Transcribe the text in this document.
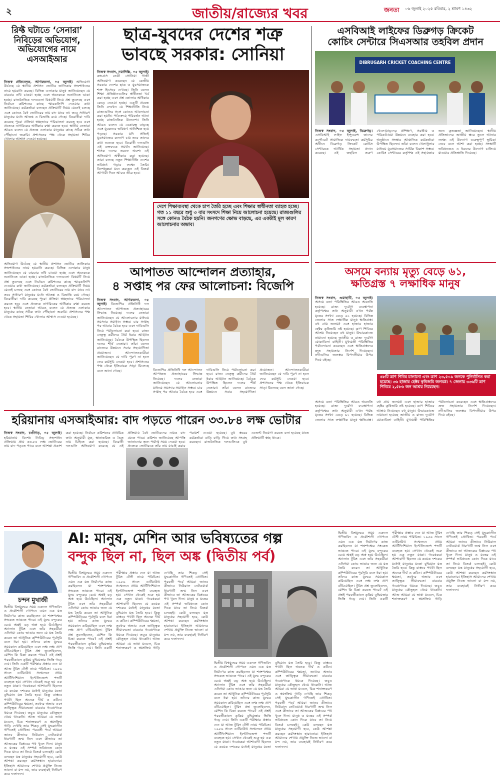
২	জাতীয়/রাজ্যের খবর	জনতা ০৬ জুলাই ২০২৫ রবিবার, ২ শ্রাবণ ১৪৩২
রিফ্ট ঘটাতে ‘সেনারা’ নিবিড়ের অভিযোগ, অভিযোগের নামে এসআইআর
নিজস্ব প্রতিবেদক, আগরতলা, ০৫ জুলাই। অভিযোগ উঠেছে যে স্থানীয় প্রশাসন ভোটার তালিকার সংশোধনের নামে হয়রানি করছে। বিভিন্ন এলাকার মানুষ জানিয়েছেন যে বারবার নথি চাওয়া হচ্ছে এবং অনেককে শুনানিতে ডাকা হচ্ছে। রাজনৈতিক দলগুলো বিষয়টি নিয়ে প্রশ্ন তুলেছে এবং নির্বাচন কমিশনের কাছে স্মারকলিপি দেওয়ার কথা জানিয়েছে। কর্মকর্তারা বলছেন প্রক্রিয়াটি নিয়ম মেনেই চলছে এবং কোনও বৈধ ভোটারের নাম বাদ যাবে না। তবে সাধারণ মানুষের মধ্যে আতঙ্ক ও বিভ্রান্তি রয়ে গেছে। বিরোধীরা দাবি করেছে পুরো প্রক্রিয়া স্বচ্ছভাবে পরিচালনা করতে হবে এবং প্রত্যেক নাগরিকের অধিকার রক্ষা করতে হবে। স্থানীয় নেতারা আরও বলেন যে প্রত্যন্ত এলাকার মানুষের কাছে সঠিক তথ্য পৌঁছানো জরুরি। প্রশাসনের পক্ষ থেকে সহায়তা শিবির
অভিযোগ উঠেছে যে স্থানীয় প্রশাসন ভোটার তালিকার সংশোধনের নামে হয়রানি করছে। বিভিন্ন এলাকার মানুষ জানিয়েছেন যে বারবার নথি চাওয়া হচ্ছে এবং অনেককে শুনানিতে ডাকা হচ্ছে। রাজনৈতিক দলগুলো বিষয়টি নিয়ে প্রশ্ন তুলেছে এবং নির্বাচন কমিশনের কাছে স্মারকলিপি দেওয়ার কথা জানিয়েছে। কর্মকর্তারা বলছেন প্রক্রিয়াটি নিয়ম মেনেই চলছে এবং কোনও বৈধ ভোটারের নাম বাদ যাবে না। তবে সাধারণ মানুষের মধ্যে আতঙ্ক ও বিভ্রান্তি রয়ে গেছে। বিরোধীরা দাবি করেছে পুরো প্রক্রিয়া স্বচ্ছভাবে পরিচালনা করতে হবে এবং প্রত্যেক নাগরিকের অধিকার রক্ষা করতে হবে। স্থানীয় নেতারা আরও বলেন যে প্রত্যন্ত এলাকার মানুষের কাছে সঠিক তথ্য পৌঁছানো জরুরি। প্রশাসনের পক্ষ থেকে সহায়তা শিবির খোলার আশ্বাস দেওয়া হয়েছে।
ছাত্র-যুবদের দেশের শত্রু
ভাবছে সরকার: সোনিয়া
নিজস্ব সংবাদ, নয়াদিল্লি, ০৫ জুলাই। কংগ্রেস নেত্রী সোনিয়া গান্ধী অভিযোগ করেছেন যে কেন্দ্রীয় সরকার দেশের ছাত্র ও যুবসমাজকে শত্রু হিসেবে দেখছে। তিনি বলেন শিক্ষা প্রতিষ্ঠানগুলির স্বাধীনতা খর্ব করা হচ্ছে এবং প্রশ্ন তোলার অধিকার কেড়ে নেওয়া হচ্ছে। একটি প্রবন্ধে তিনি লেখেন যে শিক্ষানীতি নিয়ে রাজ্যগুলির সঙ্গে কোনও আলোচনা করা হয়নি। পাঠ্যক্রমে পরিবর্তন আনা হচ্ছে রাজনৈতিক উদ্দেশ্যে। তিনি আরও বলেন যে বেকারত্ব বাড়ছে এবং যুবকদের ভবিষ্যৎ অনিশ্চিত হয়ে পড়ছে। সরকার যদি সত্যিই যুবসমাজের কল্যাণ চায় তবে তাদের কথা শুনতে হবে। বিরোধী দলগুলি এই বক্তব্যকে সমর্থন জানিয়েছে। শাসক দলের তরফে অবশ্য এই অভিযোগ অস্বীকার করা হয়েছে। তারা বলছে নতুন শিক্ষানীতি দেশের ভবিষ্যৎ গড়ার লক্ষ্যে তৈরি। বিশেষজ্ঞরা মনে করছেন এই বিতর্ক আগামী দিনে আরও তীব্র হবে।
দেশে শিক্ষাব্যবস্থা থেকে চাপ তৈরি হচ্ছে এবং শিক্ষার স্বাধীনতা ব্যাহত হচ্ছে। গত ১১ বছরে শুধু ৩ বার সংসদে শিক্ষা নিয়ে আলোচনা হয়েছে। রাজ্যগুলির সঙ্গে কোনও বৈঠক হয়নি। জনগণের ক্ষোভ বাড়ছে, এর একটাই মূল কারণ আলোচনার অভাব।
আপাতত আন্দোলন প্রত্যাহার,
৪ সপ্তাহ পর ফের আলোচনা: বিজেপি
নিজস্ব সংবাদ, আগরতলা, ০৫ জুলাই। বিজেপির প্রতিনিধি দল আন্দোলন আপাতত প্রত্যাহারের সিদ্ধান্ত নিয়েছে। দলের নেতারা জানিয়েছেন যে আলোচনার মাধ্যমে সমস্যার সমাধান সম্ভব। চার সপ্তাহ পর আবার বৈঠক হবে এবং দাবিগুলি নিয়ে পর্যালোচনা করা হবে। রাজ্য নেতৃত্ব কর্মীদের ধৈর্য ধরার আহ্বান জানিয়েছে। বৈঠকে উপস্থিত ছিলেন দলের শীর্ষ নেতারা। তাঁরা বলেন রাজ্যের উন্নয়নে সবার সহযোগিতা প্রয়োজন। আন্দোলনকারীরা জানিয়েছেন যে দাবি পূরণ না হলে ফের কর্মসূচি নেওয়া হবে। প্রশাসনের পক্ষ থেকে ইতিবাচক সাড়া মিলেছে বলে জানা গেছে।	বিজেপির প্রতিনিধি দল আন্দোলন আপাতত প্রত্যাহারের সিদ্ধান্ত নিয়েছে। দলের নেতারা জানিয়েছেন যে আলোচনার মাধ্যমে সমস্যার সমাধান সম্ভব। চার সপ্তাহ পর আবার বৈঠক হবে এবং দাবিগুলি নিয়ে পর্যালোচনা করা হবে। রাজ্য নেতৃত্ব কর্মীদের ধৈর্য ধরার আহ্বান জানিয়েছে। বৈঠকে উপস্থিত ছিলেন দলের শীর্ষ নেতারা। তাঁরা বলেন রাজ্যের উন্নয়নে সবার সহযোগিতা প্রয়োজন। আন্দোলনকারীরা জানিয়েছেন যে দাবি পূরণ না হলে ফের কর্মসূচি নেওয়া হবে। প্রশাসনের পক্ষ থেকে ইতিবাচক সাড়া মিলেছে বলে জানা গেছে।
হরিয়ানায় এসআইআর: বাদ পড়তে পারেন ৩৩.৮৪ লক্ষ ভোটার
নিজস্ব সংবাদ, চণ্ডীগড়, ০৫ জুলাই। হরিয়ানায় বিশেষ নিবিড় সংশোধন প্রক্রিয়ায় প্রায় ৩৩.৮৪ লক্ষ ভোটারের নাম বাদ পড়তে পারে বলে আশঙ্কা প্রকাশ করা হয়েছে। নির্বাচন কমিশনের প্রাথমিক তথ্য অনুযায়ী মৃত, স্থানান্তরিত ও দ্বৈত নাম চিহ্নিত করা হয়েছে। বিরোধী দলগুলি অভিযোগ করেছে যে এই প্রক্রিয়ায় বৈধ ভোটারদের নামও বাদ যেতে পারে। কমিশন জানিয়েছে আপত্তি জানানোর জন্য পর্যাপ্ত সময় দেওয়া হবে। প্রত্যেক ভোটারকে তাঁর নাম যাচাই করার পরামর্শ দেওয়া হয়েছে। বুথ স্তরের কর্মকর্তারা বাড়ি বাড়ি গিয়ে তথ্য সংগ্রহ করছেন। রাজনৈতিক দলগুলিকে বুথ এজেন্ট নিয়োগ করতে বলা হয়েছে যাতে প্রক্রিয়াটি স্বচ্ছ থাকে।
এসবিআই লাইফের ডিব্রুগড় ক্রিকেট
কোচিং সেন্টারে সিএসআর তহবিল প্রদান
DIBRUGARH CRICKET COACHING CENTRE
নিজস্ব সংবাদ, ০৫ জুলাই, ডিব্রুগড়। এসবিআই লাইফ ইন্স্যুরেন্স তাদের কর্পোরেট সামাজিক দায়বদ্ধতা কর্মসূচির অধীনে ডিব্রুগড় ক্রিকেট কোচিং সেন্টারকে আর্থিক সহায়তা প্রদান করেছে। এই তহবিল তরুণ খেলোয়াড়দের প্রশিক্ষণ, সরঞ্জাম ও পরিকাঠামো উন্নয়নে ব্যবহার করা হবে। অনুষ্ঠানে সংস্থার আঞ্চলিক কর্মকর্তারা উপস্থিত ছিলেন। তাঁরা বলেন খেলাধুলার মাধ্যমে যুবসমাজের সার্বিক বিকাশ সম্ভব। কোচিং সেন্টারের কর্তৃপক্ষ এই সহায়তার জন্য কৃতজ্ঞতা জানিয়েছেন। স্থানীয় প্রতিভাদের জাতীয় স্তরে তুলে আনার লক্ষ্যে এই উদ্যোগ গুরুত্বপূর্ণ ভূমিকা নেবে বলে আশা করা হচ্ছে। সংস্থাটি ভবিষ্যতেও এ ধরনের উদ্যোগ চালিয়ে যাওয়ার প্রতিশ্রুতি দিয়েছে।
অসমে বন্যায় মৃত্যু বেড়ে ৬১,
ক্ষতিগ্রস্ত ৭ লক্ষাধিক মানুষ
নিজস্ব সংবাদ, গুয়াহাটি, ০৫ জুলাই। অসমে বন্যা পরিস্থিতির আরও অবনতি হয়েছে। রাজ্য দুর্যোগ ব্যবস্থাপনা কর্তৃপক্ষের তথ্য অনুযায়ী এখন পর্যন্ত মৃতের সংখ্যা বেড়ে ৬১ হয়েছে। বিভিন্ন জেলার সাত লক্ষাধিক মানুষ ক্ষতিগ্রস্ত। বহু গ্রাম জলমগ্ন এবং হাজার হাজার হেক্টর কৃষিজমি নষ্ট হয়েছে। ত্রাণ শিবিরে আশ্রয় নিয়েছেন বহু মানুষ। উদ্ধারকাজে নামানো হয়েছে জাতীয় ও রাজ্য দুর্যোগ মোকাবিলা বাহিনী। মুখ্যমন্ত্রী পরিস্থিতির পর্যালোচনা করেছেন এবং ক্ষতিগ্রস্তদের দ্রুত সহায়তার নির্দেশ দিয়েছেন। নদীগুলির জলস্তর বিপদসীমার উপর দিয়ে বইছে।
৬৮টি ত্রাণ শিবির চালানো এবং ত্রাণ ২৩,৫০৯ জনকে পুনির্বাসিত করা হয়েছে। ৩৬ হাজার হেক্টর কৃষিজমি জলমগ্ন। ৭ জেলায় ৩৩৬টি ত্রাণ শিবিরে ২,৫৮৬ জন আশ্রয় নিয়েছেন।
অসমে বন্যা পরিস্থিতির আরও অবনতি হয়েছে। রাজ্য দুর্যোগ ব্যবস্থাপনা কর্তৃপক্ষের তথ্য অনুযায়ী এখন পর্যন্ত মৃতের সংখ্যা বেড়ে ৬১ হয়েছে। বিভিন্ন জেলার সাত লক্ষাধিক মানুষ ক্ষতিগ্রস্ত। বহু গ্রাম জলমগ্ন এবং হাজার হাজার হেক্টর কৃষিজমি নষ্ট হয়েছে। ত্রাণ শিবিরে আশ্রয় নিয়েছেন বহু মানুষ। উদ্ধারকাজে নামানো হয়েছে জাতীয় ও রাজ্য দুর্যোগ মোকাবিলা বাহিনী। মুখ্যমন্ত্রী পরিস্থিতির পর্যালোচনা করেছেন এবং ক্ষতিগ্রস্তদের দ্রুত সহায়তার নির্দেশ দিয়েছেন। নদীগুলির জলস্তর বিপদসীমার উপর দিয়ে বইছে।
চন্দন মুখার্জী
AI: মানুষ, মেশিন আর ভবিষ্যতের গল্প
বন্দুক ছিল না, ছিল অঙ্ক (দ্বিতীয় পর্ব)
দ্বিতীয় বিশ্বযুদ্ধের সময় একদল গণিতবিদ ও প্রকৌশলী গোপনে এমন এক যন্ত্র নির্মাণের কাজ করছিলেন যা শত্রুপক্ষের সংকেত ভাঙতে পারে। এই যুদ্ধে বন্দুকের চেয়ে অঙ্কই বড় অস্ত্র হয়ে উঠেছিল। অ্যালান টুরিং এবং তাঁর সহকর্মীরা এনিগমা কোড ভাঙার জন্য যে যন্ত্র তৈরি করেন তা আধুনিক কম্পিউটারের পূর্বসূরি বলে ধরা হয়। তাঁদের কাজ যুদ্ধের সময়কাল কমিয়েছিল এবং লক্ষ লক্ষ প্রাণ বাঁচিয়েছিল। টুরিং প্রশ্ন তুলেছিলেন, মেশিন কি চিন্তা করতে পারে? এই প্রশ্নই পরবর্তীকালে কৃত্রিম বুদ্ধিমত্তার ভিত্তি গড়ে দেয়। তিনি একটি পরীক্ষার প্রস্তাব দেন যা আজ টুরিং টেস্ট নামে পরিচিত। ১৯৫৬ সালে ডার্টমাউথ সম্মেলনে প্রথম আর্টিফিশিয়াল ইন্টেলিজেন্স শব্দটি ব্যবহৃত হয়। সেখান থেকেই শুরু হয় এক নতুন যাত্রা। গবেষকরা আশাবাদী ছিলেন যে কয়েক দশকের মধ্যেই মানুষের মতো বুদ্ধিমান যন্ত্র তৈরি হবে। কিন্তু বাস্তবে পথটা ছিল অনেক দীর্ঘ ও কঠিন। কম্পিউটারের ক্ষমতা, তথ্যের অভাব এবং তাত্ত্বিক সীমাবদ্ধতা বারবার গবেষণাকে থমকে দিয়েছে। তবুও মানুষের কৌতূহল থেমে থাকেনি। আজ আমরা যে ভাষা মডেল, চিত্র শনাক্তকরণ ও স্বয়ংক্রিয় গাড়ি দেখছি তার শিকড় সেই যুদ্ধকালীন গণিতেই প্রোথিত। পরবর্তী পর্বে আমরা জানব কীভাবে নিউরাল নেটওয়ার্ক ধারণাটি জন্ম নিল এবং কীভাবে তা আজকের বিপ্লবের পথ খুলে দিল। মানুষ ও যন্ত্রের এই সম্পর্ক ভবিষ্যতে কোন দিকে যাবে তা নিয়ে বিতর্ক চলছেই। কেউ বলছেন যন্ত্র মানুষের সহযোগী হবে, কেউ আশঙ্কা করছেন কর্মসংস্থান হারানোর। ইতিহাস আমাদের শেখায় প্রযুক্তি নিজে ভালো বা মন্দ নয়, তার ব্যবহারই নির্ধারণ করে ফলাফল।
দ্বিতীয় বিশ্বযুদ্ধের সময় একদল গণিতবিদ ও প্রকৌশলী গোপনে এমন এক যন্ত্র নির্মাণের কাজ করছিলেন যা শত্রুপক্ষের সংকেত ভাঙতে পারে। এই যুদ্ধে বন্দুকের চেয়ে অঙ্কই বড় অস্ত্র হয়ে উঠেছিল। অ্যালান টুরিং এবং তাঁর সহকর্মীরা এনিগমা কোড ভাঙার জন্য যে যন্ত্র তৈরি করেন তা আধুনিক কম্পিউটারের পূর্বসূরি বলে ধরা হয়। তাঁদের কাজ যুদ্ধের সময়কাল কমিয়েছিল এবং লক্ষ লক্ষ প্রাণ বাঁচিয়েছিল। টুরিং প্রশ্ন তুলেছিলেন, মেশিন কি চিন্তা করতে পারে? এই প্রশ্নই পরবর্তীকালে কৃত্রিম বুদ্ধিমত্তার ভিত্তি গড়ে দেয়। তিনি একটি পরীক্ষার প্রস্তাব দেন যা আজ টুরিং টেস্ট নামে পরিচিত। ১৯৫৬ সালে ডার্টমাউথ সম্মেলনে প্রথম আর্টিফিশিয়াল ইন্টেলিজেন্স শব্দটি ব্যবহৃত হয়। সেখান থেকেই শুরু হয় এক নতুন যাত্রা। গবেষকরা আশাবাদী ছিলেন যে কয়েক দশকের মধ্যেই মানুষের মতো বুদ্ধিমান যন্ত্র তৈরি হবে। কিন্তু বাস্তবে পথটা ছিল অনেক দীর্ঘ ও কঠিন। কম্পিউটারের ক্ষমতা, তথ্যের অভাব এবং তাত্ত্বিক সীমাবদ্ধতা বারবার গবেষণাকে থমকে দিয়েছে। তবুও মানুষের কৌতূহল থেমে থাকেনি। আজ আমরা যে ভাষা মডেল, চিত্র শনাক্তকরণ ও স্বয়ংক্রিয় গাড়ি দেখছি তার শিকড় সেই যুদ্ধকালীন গণিতেই প্রোথিত। পরবর্তী পর্বে আমরা জানব কীভাবে নিউরাল নেটওয়ার্ক ধারণাটি জন্ম নিল এবং কীভাবে তা আজকের বিপ্লবের পথ খুলে দিল। মানুষ ও যন্ত্রের এই সম্পর্ক ভবিষ্যতে কোন দিকে যাবে তা নিয়ে বিতর্ক চলছেই। কেউ বলছেন যন্ত্র মানুষের সহযোগী হবে, কেউ আশঙ্কা করছেন কর্মসংস্থান হারানোর। ইতিহাস আমাদের শেখায় প্রযুক্তি নিজে ভালো বা মন্দ নয়, তার ব্যবহারই নির্ধারণ করে ফলাফল।
দ্বিতীয় বিশ্বযুদ্ধের সময় একদল গণিতবিদ ও প্রকৌশলী গোপনে এমন এক যন্ত্র নির্মাণের কাজ করছিলেন যা শত্রুপক্ষের সংকেত ভাঙতে পারে। এই যুদ্ধে বন্দুকের চেয়ে অঙ্কই বড় অস্ত্র হয়ে উঠেছিল। অ্যালান টুরিং এবং তাঁর সহকর্মীরা এনিগমা কোড ভাঙার জন্য যে যন্ত্র তৈরি করেন তা আধুনিক কম্পিউটারের পূর্বসূরি বলে ধরা হয়। তাঁদের কাজ যুদ্ধের সময়কাল কমিয়েছিল এবং লক্ষ লক্ষ প্রাণ বাঁচিয়েছিল। টুরিং প্রশ্ন তুলেছিলেন, মেশিন কি চিন্তা করতে পারে? এই প্রশ্নই পরবর্তীকালে কৃত্রিম বুদ্ধিমত্তার ভিত্তি গড়ে দেয়। তিনি একটি পরীক্ষার প্রস্তাব দেন যা আজ টুরিং টেস্ট নামে পরিচিত। ১৯৫৬ সালে ডার্টমাউথ সম্মেলনে প্রথম আর্টিফিশিয়াল ইন্টেলিজেন্স শব্দটি ব্যবহৃত হয়। সেখান থেকেই শুরু হয় এক নতুন যাত্রা। গবেষকরা আশাবাদী ছিলেন যে কয়েক দশকের মধ্যেই মানুষের মতো বুদ্ধিমান যন্ত্র তৈরি হবে। কিন্তু বাস্তবে পথটা ছিল অনেক দীর্ঘ ও কঠিন। কম্পিউটারের ক্ষমতা, তথ্যের অভাব এবং তাত্ত্বিক সীমাবদ্ধতা বারবার গবেষণাকে থমকে দিয়েছে। তবুও মানুষের কৌতূহল থেমে থাকেনি। আজ আমরা যে ভাষা মডেল, চিত্র শনাক্তকরণ ও স্বয়ংক্রিয় গাড়ি দেখছি তার শিকড় সেই যুদ্ধকালীন গণিতেই প্রোথিত। পরবর্তী পর্বে আমরা জানব কীভাবে নিউরাল নেটওয়ার্ক ধারণাটি জন্ম নিল এবং কীভাবে তা আজকের বিপ্লবের পথ খুলে দিল। মানুষ ও যন্ত্রের এই সম্পর্ক ভবিষ্যতে কোন দিকে যাবে তা নিয়ে বিতর্ক চলছেই। কেউ বলছেন যন্ত্র মানুষের সহযোগী হবে, কেউ আশঙ্কা করছেন কর্মসংস্থান হারানোর। ইতিহাস আমাদের শেখায় প্রযুক্তি নিজে ভালো বা মন্দ নয়, তার ব্যবহারই নির্ধারণ করে ফলাফল।
দ্বিতীয় বিশ্বযুদ্ধের সময় একদল গণিতবিদ ও প্রকৌশলী গোপনে এমন এক যন্ত্র নির্মাণের কাজ করছিলেন যা শত্রুপক্ষের সংকেত ভাঙতে পারে। এই যুদ্ধে বন্দুকের চেয়ে অঙ্কই বড় অস্ত্র হয়ে উঠেছিল। অ্যালান টুরিং এবং তাঁর সহকর্মীরা এনিগমা কোড ভাঙার জন্য যে যন্ত্র তৈরি করেন তা আধুনিক কম্পিউটারের পূর্বসূরি বলে ধরা হয়। তাঁদের কাজ যুদ্ধের সময়কাল কমিয়েছিল এবং লক্ষ লক্ষ প্রাণ বাঁচিয়েছিল। টুরিং প্রশ্ন তুলেছিলেন, মেশিন কি চিন্তা করতে পারে? এই প্রশ্নই পরবর্তীকালে কৃত্রিম বুদ্ধিমত্তার ভিত্তি গড়ে দেয়। তিনি একটি পরীক্ষার প্রস্তাব দেন যা আজ টুরিং টেস্ট নামে পরিচিত। ১৯৫৬ সালে ডার্টমাউথ সম্মেলনে প্রথম আর্টিফিশিয়াল ইন্টেলিজেন্স শব্দটি ব্যবহৃত হয়। সেখান থেকেই শুরু হয় এক নতুন যাত্রা। গবেষকরা আশাবাদী ছিলেন যে কয়েক দশকের মধ্যেই মানুষের মতো বুদ্ধিমান যন্ত্র তৈরি হবে। কিন্তু বাস্তবে পথটা ছিল অনেক দীর্ঘ ও কঠিন। কম্পিউটারের ক্ষমতা, তথ্যের অভাব এবং তাত্ত্বিক সীমাবদ্ধতা বারবার গবেষণাকে থমকে দিয়েছে। তবুও মানুষের কৌতূহল থেমে থাকেনি। আজ আমরা যে ভাষা মডেল, চিত্র শনাক্তকরণ ও স্বয়ংক্রিয় গাড়ি দেখছি তার শিকড় সেই যুদ্ধকালীন গণিতেই প্রোথিত। পরবর্তী পর্বে আমরা জানব কীভাবে নিউরাল নেটওয়ার্ক ধারণাটি জন্ম নিল এবং কীভাবে তা আজকের বিপ্লবের পথ খুলে দিল। মানুষ ও যন্ত্রের এই সম্পর্ক ভবিষ্যতে কোন দিকে যাবে তা নিয়ে বিতর্ক চলছেই। কেউ বলছেন যন্ত্র মানুষের সহযোগী হবে, কেউ আশঙ্কা করছেন কর্মসংস্থান হারানোর। ইতিহাস আমাদের শেখায় প্রযুক্তি নিজে ভালো বা মন্দ নয়, তার ব্যবহারই নির্ধারণ করে ফলাফল।
